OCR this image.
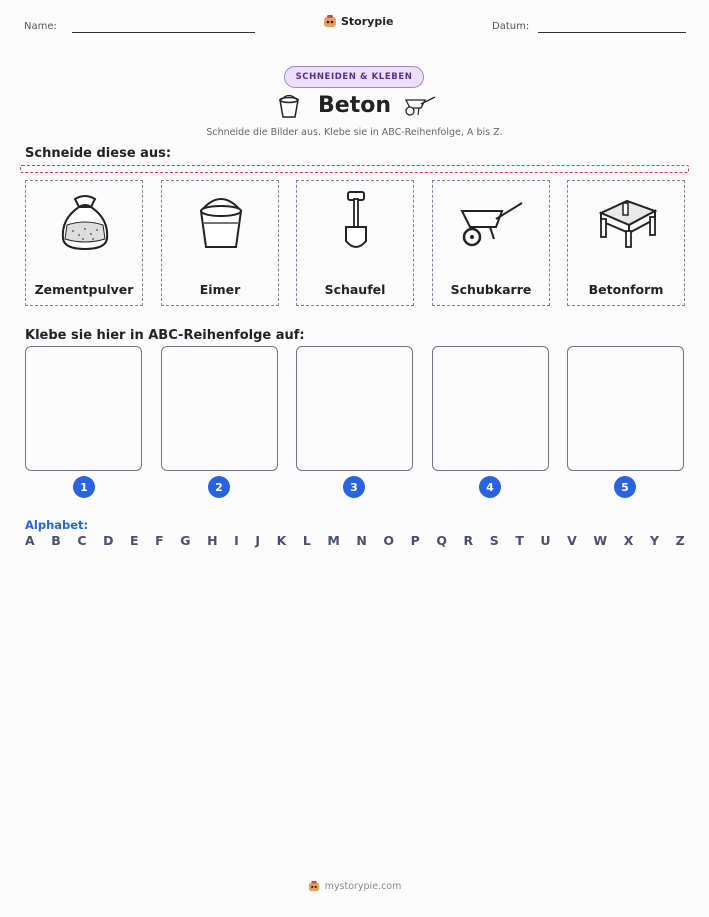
Name:	Storypie	Datum:
SCHNEIDEN & KLEBEN
Beton
Schneide die Bilder aus. Klebe sie in ABC-Reihenfolge, A bis Z.
Schneide diese aus:
Zementpulver	Eimer	Schaufel	Schubkarre	Betonform
Klebe sie hier in ABC-Reihenfolge auf:
1	2	3	4	5
Alphabet:
A B C D E F G H I J K L M N O P Q R S T U V W X Y Z
mystorypie.com
